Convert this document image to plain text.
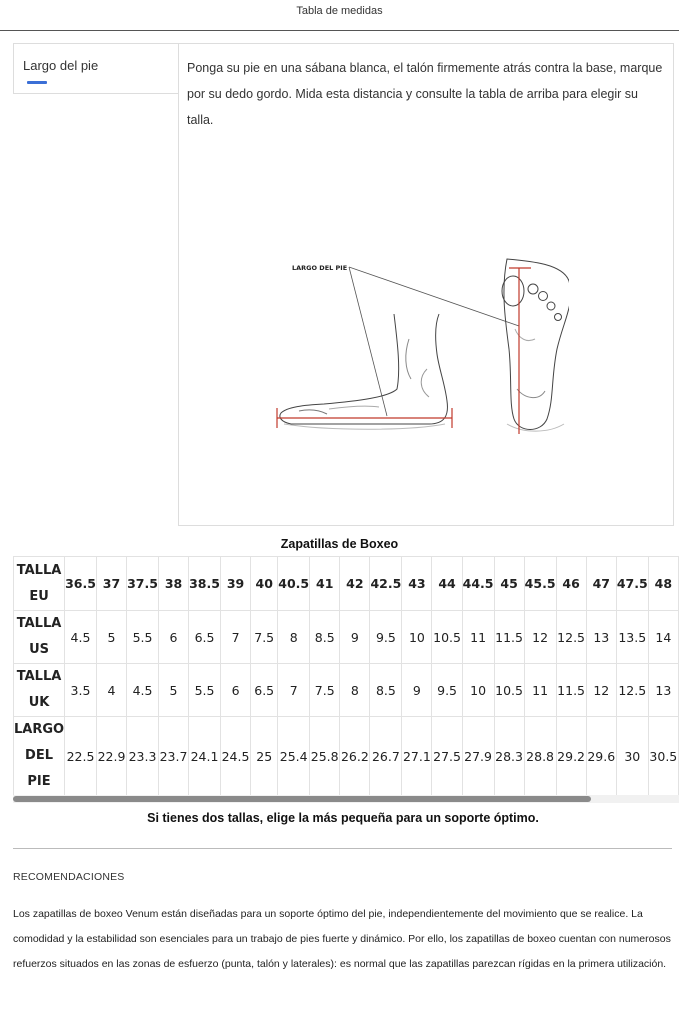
Tabla de medidas
Largo del pie	Ponga su pie en una sábana blanca, el talón firmemente atrás contra la base, marque por su dedo gordo. Mida esta distancia y consulte la tabla de arriba para elegir su talla.
LARGO DEL PIE
Zapatillas de Boxeo
TALLA EU	36.5	37	37.5	38	38.5	39	40	40.5	41	42	42.5	43	44	44.5	45	45.5	46	47	47.5	48
TALLA US	4.5	5	5.5	6	6.5	7	7.5	8	8.5	9	9.5	10	10.5	11	11.5	12	12.5	13	13.5	14
TALLA UK	3.5	4	4.5	5	5.5	6	6.5	7	7.5	8	8.5	9	9.5	10	10.5	11	11.5	12	12.5	13
LARGO DEL PIE	22.5	22.9	23.3	23.7	24.1	24.5	25	25.4	25.8	26.2	26.7	27.1	27.5	27.9	28.3	28.8	29.2	29.6	30	30.5
Si tienes dos tallas, elige la más pequeña para un soporte óptimo.
RECOMENDACIONES
Los zapatillas de boxeo Venum están diseñadas para un soporte óptimo del pie, independientemente del movimiento que se realice. La comodidad y la estabilidad son esenciales para un trabajo de pies fuerte y dinámico. Por ello, los zapatillas de boxeo cuentan con numerosos refuerzos situados en las zonas de esfuerzo (punta, talón y laterales): es normal que las zapatillas parezcan rígidas en la primera utilización.
